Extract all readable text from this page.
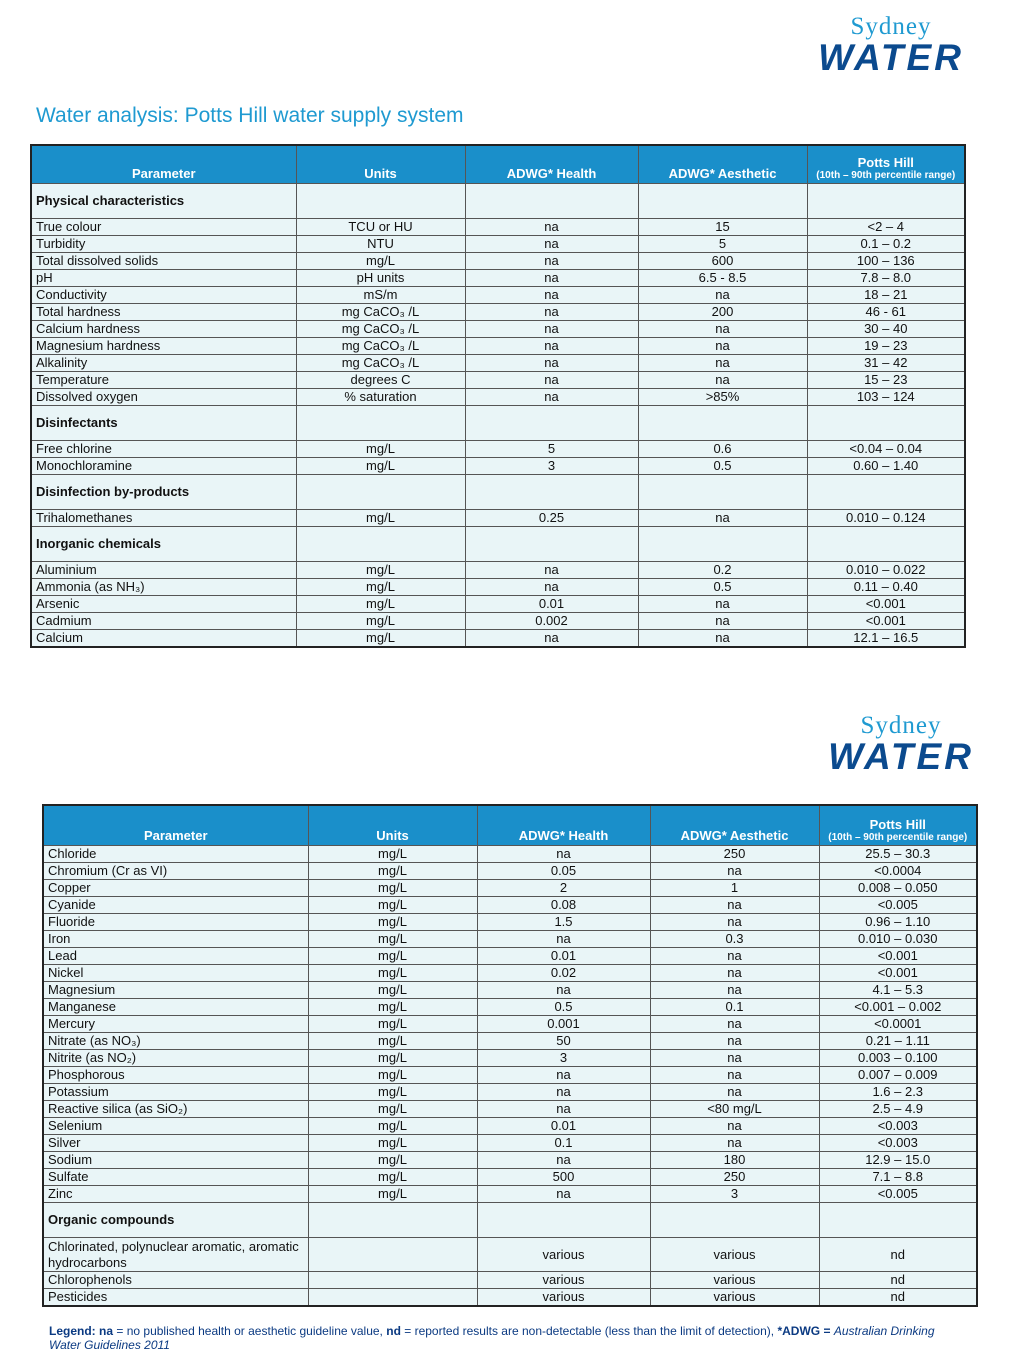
Sydney
WATER
Water analysis: Potts Hill water supply system
Parameter	Units	ADWG* Health	ADWG* Aesthetic	Potts Hill
(10th – 90th percentile range)

Physical characteristics				
True colour	TCU or HU	na	15	<2 – 4
Turbidity	NTU	na	5	0.1 – 0.2
Total dissolved solids	mg/L	na	600	100 – 136
pH	pH units	na	6.5 - 8.5	7.8 – 8.0
Conductivity	mS/m	na	na	18 – 21
Total hardness	mg CaCO₃ /L	na	200	46 - 61
Calcium hardness	mg CaCO₃ /L	na	na	30 – 40
Magnesium hardness	mg CaCO₃ /L	na	na	19 – 23
Alkalinity	mg CaCO₃ /L	na	na	31 – 42
Temperature	degrees C	na	na	15 – 23
Dissolved oxygen	% saturation	na	>85%	103 – 124
Disinfectants				
Free chlorine	mg/L	5	0.6	<0.04 – 0.04
Monochloramine	mg/L	3	0.5	0.60 – 1.40
Disinfection by-products				
Trihalomethanes	mg/L	0.25	na	0.010 – 0.124
Inorganic chemicals				
Aluminium	mg/L	na	0.2	0.010 – 0.022
Ammonia (as NH₃)	mg/L	na	0.5	0.11 – 0.40
Arsenic	mg/L	0.01	na	<0.001
Cadmium	mg/L	0.002	na	<0.001
Calcium	mg/L	na	na	12.1 – 16.5
Sydney
WATER
Parameter	Units	ADWG* Health	ADWG* Aesthetic	Potts Hill
(10th – 90th percentile range)

Chloride	mg/L	na	250	25.5 – 30.3
Chromium (Cr as VI)	mg/L	0.05	na	<0.0004
Copper	mg/L	2	1	0.008 – 0.050
Cyanide	mg/L	0.08	na	<0.005
Fluoride	mg/L	1.5	na	0.96 – 1.10
Iron	mg/L	na	0.3	0.010 – 0.030
Lead	mg/L	0.01	na	<0.001
Nickel	mg/L	0.02	na	<0.001
Magnesium	mg/L	na	na	4.1 – 5.3
Manganese	mg/L	0.5	0.1	<0.001 – 0.002
Mercury	mg/L	0.001	na	<0.0001
Nitrate (as NO₃)	mg/L	50	na	0.21 – 1.11
Nitrite (as NO₂)	mg/L	3	na	0.003 – 0.100
Phosphorous	mg/L	na	na	0.007 – 0.009
Potassium	mg/L	na	na	1.6 – 2.3
Reactive silica (as SiO₂)	mg/L	na	<80 mg/L	2.5 – 4.9
Selenium	mg/L	0.01	na	<0.003
Silver	mg/L	0.1	na	<0.003
Sodium	mg/L	na	180	12.9 – 15.0
Sulfate	mg/L	500	250	7.1 – 8.8
Zinc	mg/L	na	3	<0.005
Organic compounds				
Chlorinated, polynuclear aromatic, aromatic hydrocarbons		various	various	nd
Chlorophenols		various	various	nd
Pesticides		various	various	nd
Legend: na = no published health or aesthetic guideline value, nd = reported results are non-detectable (less than the limit of detection), *ADWG = Australian Drinking Water Guidelines 2011
